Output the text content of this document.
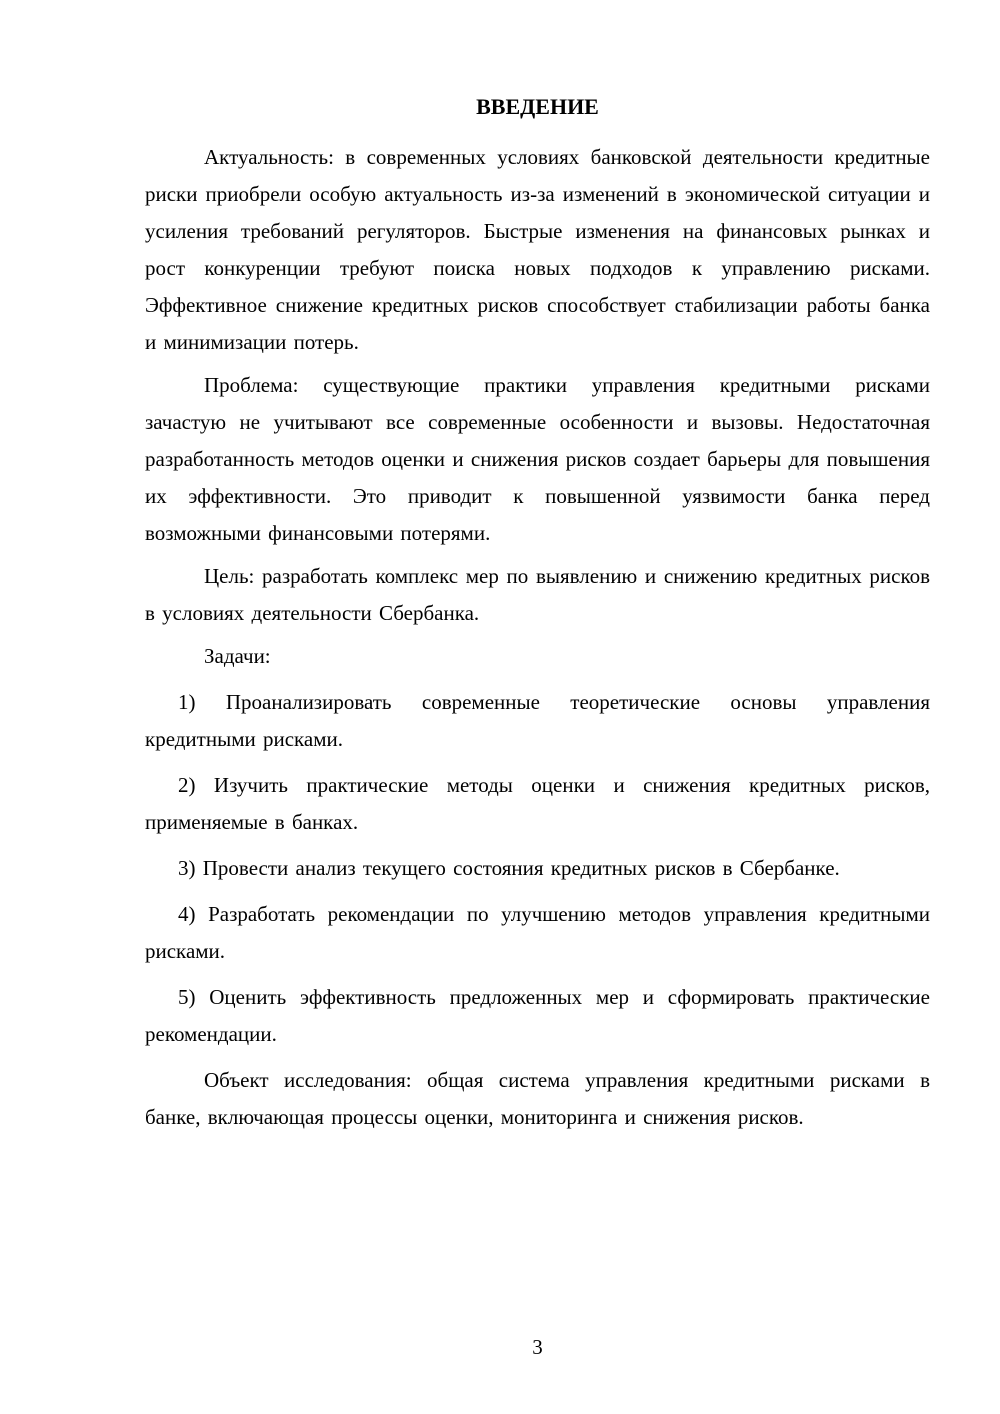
ВВЕДЕНИЕ

Актуальность: в современных условиях банковской деятельности кредитные риски приобрели особую актуальность из-за изменений в экономической ситуации и усиления требований регуляторов. Быстрые изменения на финансовых рынках и рост конкуренции требуют поиска новых подходов к управлению рисками. Эффективное снижение кредитных рисков способствует стабилизации работы банка и минимизации потерь.

Проблема: существующие практики управления кредитными рисками зачастую не учитывают все современные особенности и вызовы. Недостаточная разработанность методов оценки и снижения рисков создает барьеры для повышения их эффективности. Это приводит к повышенной уязвимости банка перед возможными финансовыми потерями.

Цель: разработать комплекс мер по выявлению и снижению кредитных рисков в условиях деятельности Сбербанка.

Задачи:

1) Проанализировать современные теоретические основы управления кредитными рисками.

2) Изучить практические методы оценки и снижения кредитных рисков, применяемые в банках.

3) Провести анализ текущего состояния кредитных рисков в Сбербанке.

4) Разработать рекомендации по улучшению методов управления кредитными рисками.

5) Оценить эффективность предложенных мер и сформировать практические рекомендации.

Объект исследования: общая система управления кредитными рисками в банке, включающая процессы оценки, мониторинга и снижения рисков.

3
